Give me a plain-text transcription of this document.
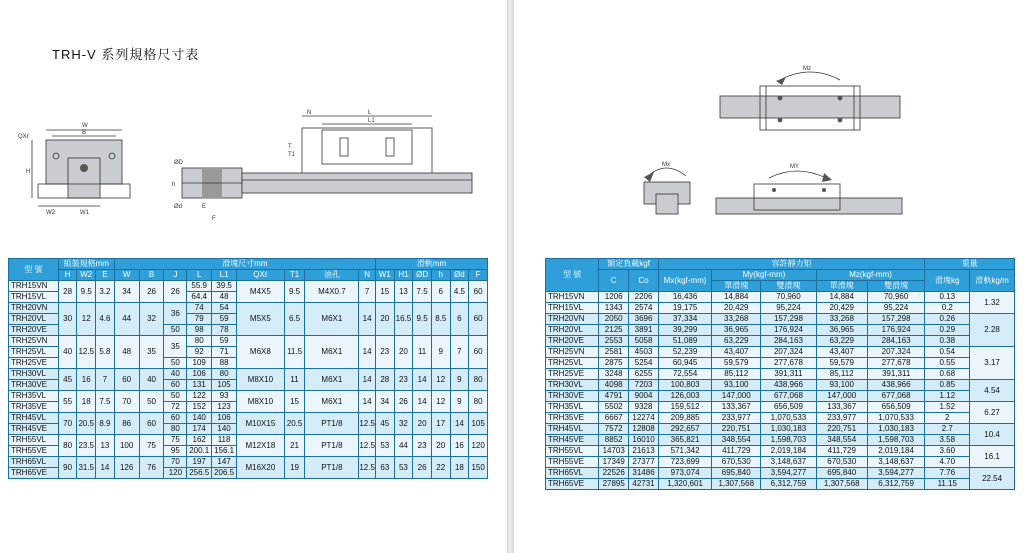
TRH-V 系列規格尺寸表
W
B
QXℓ
H
W2	W1
N	L
L1
T
T1
ØD
Ød
h
E
F
型 號	組裝規格mm			滑塊尺寸mm									滑軌mm					
	H	W2	E	W	B	J	L	L1	QXℓ	T1	油孔	N	W1	H1	ØD	h	Ød	F
TRH15VN	28	9.5	3.2	34	26	26	55.9	39.5	M4X5	9.5	M4X0.7	7	15	13	7.5	6	4.5	60
TRH15VL							64.4	48										
TRH20VN	30	12	4.6	44	32	36	74	54	M5X5	6.5	M6X1	14	20	16.5	9.5	8.5	6	60
TRH20VL							79	59										
TRH20VE						50	98	78										
TRH25VN	40	12.5	5.8	48	35	35	80	59	M6X8	11.5	M6X1	14	23	20	11	9	7	60
TRH25VL							92	71										
TRH25VE						50	109	88										
TRH30VL	45	16	7	60	40	40	106	80	M8X10	11	M6X1	14	28	23	14	12	9	80
TRH30VE						60	131	105										
TRH35VL	55	18	7.5	70	50	50	122	93	M8X10	15	M6X1	14	34	26	14	12	9	80
TRH35VE						72	152	123										
TRH45VL	70	20.5	8.9	86	60	60	140	106	M10X15	20.5	PT1/8	12.5	45	32	20	17	14	105
TRH45VE						80	174	140										
TRH55VL	80	23.5	13	100	75	75	162	118	M12X18	21	PT1/8	12.5	53	44	23	20	16	120
TRH55VE						95	200.1	156.1										
TRH65VL	90	31.5	14	126	76	70	197	147	M16X20	19	PT1/8	12.5	63	53	26	22	18	150
TRH65VE						120	256.5	206.5										
Mz
Mx	MY
型 號	額定負載kgf		容許靜力矩					重量	
	C	Co	Mx(kgf-mm)	My(kgf-mm)		Mz(kgf-mm)		滑塊kg	滑軌kg/m
				單滑塊	雙滑塊	單滑塊	雙滑塊		
TRH15VN	1206	2206	16,436	14,884	70,960	14,884	70,960	0.13	1.32
TRH15VL	1343	2574	19,175	20,429	95,224	20,429	95,224	0.2	
TRH20VN	2050	3696	37,334	33,268	157,298	33,268	157,298	0.26	2.28
TRH20VL	2125	3891	39,299	36,965	176,924	36,965	176,924	0.29	
TRH20VE	2553	5058	51,089	63,229	284,163	63,229	284,163	0.38	
TRH25VN	2581	4503	52,239	43,407	207,324	43,407	207,324	0.54	3.17
TRH25VL	2875	5254	60,945	59,579	277,678	59,579	277,678	0.55	
TRH25VE	3248	6255	72,554	85,112	391,311	85,112	391,311	0.68	
TRH30VL	4098	7203	100,803	93,100	438,966	93,100	438,966	0.85	4.54
TRH30VE	4791	9004	126,003	147,000	677,068	147,000	677,068	1.12	
TRH35VL	5502	9328	159,512	133,367	656,509	133,367	656,509	1.52	6.27
TRH35VE	6667	12274	209,885	233,977	1,070,533	233,977	1,070,533	2	
TRH45VL	7572	12808	292,657	220,751	1,030,183	220,751	1,030,183	2.7	10.4
TRH45VE	8852	16010	365,821	348,554	1,598,703	348,554	1,598,703	3.58	
TRH55VL	14703	21613	571,342	411,729	2,019,184	411,729	2,019,184	3.60	16.1
TRH55VE	17349	27377	723,699	670,530	3,148,637	670,530	3,148,637	4.70	
TRH65VL	22526	31486	973,074	695,840	3,594,277	695,840	3,594,277	7.76	22.54
TRH65VE	27895	42731	1,320,601	1,307,568	6,312,759	1,307,568	6,312,759	11.15	
